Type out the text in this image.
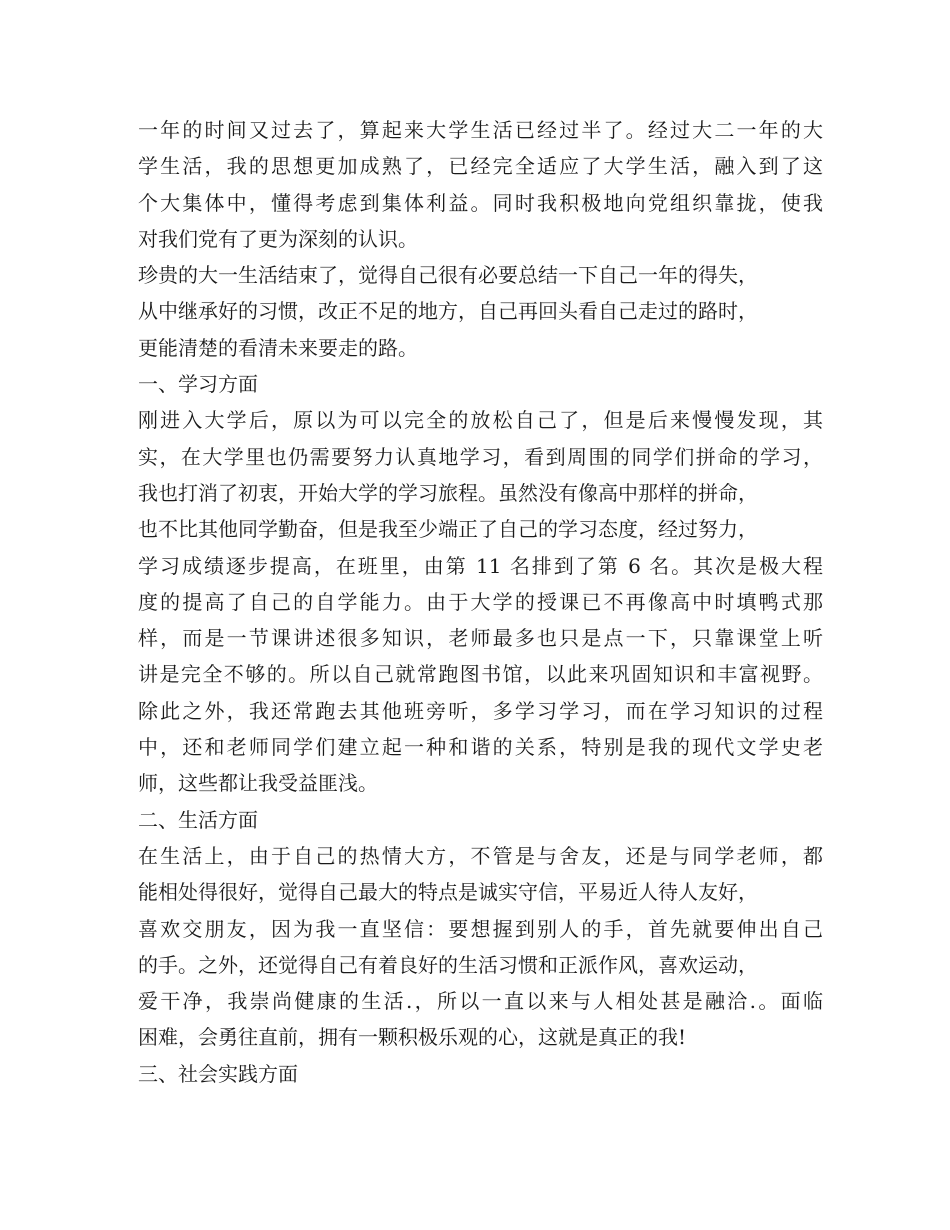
一年的时间又过去了，算起来大学生活已经过半了。经过大二一年的大
学生活，我的思想更加成熟了，已经完全适应了大学生活，融入到了这
个大集体中，懂得考虑到集体利益。同时我积极地向党组织靠拢，使我
对我们党有了更为深刻的认识。
珍贵的大一生活结束了，觉得自己很有必要总结一下自己一年的得失，
从中继承好的习惯，改正不足的地方，自己再回头看自己走过的路时，
更能清楚的看清未来要走的路。
一、学习方面
刚进入大学后，原以为可以完全的放松自己了，但是后来慢慢发现，其
实，在大学里也仍需要努力认真地学习，看到周围的同学们拼命的学习，
我也打消了初衷，开始大学的学习旅程。虽然没有像高中那样的拼命，
也不比其他同学勤奋，但是我至少端正了自己的学习态度，经过努力，
学习成绩逐步提高，在班里，由第 11 名排到了第 6 名。其次是极大程
度的提高了自己的自学能力。由于大学的授课已不再像高中时填鸭式那
样，而是一节课讲述很多知识，老师最多也只是点一下，只靠课堂上听
讲是完全不够的。所以自己就常跑图书馆，以此来巩固知识和丰富视野。
除此之外，我还常跑去其他班旁听，多学习学习，而在学习知识的过程
中，还和老师同学们建立起一种和谐的关系，特别是我的现代文学史老
师，这些都让我受益匪浅。
二、生活方面
在生活上，由于自己的热情大方，不管是与舍友，还是与同学老师，都
能相处得很好，觉得自己最大的特点是诚实守信，平易近人待人友好，
喜欢交朋友，因为我一直坚信：要想握到别人的手，首先就要伸出自己
的手。之外，还觉得自己有着良好的生活习惯和正派作风，喜欢运动，
爱干净，我崇尚健康的生活.，所以一直以来与人相处甚是融洽.。面临
困难，会勇往直前，拥有一颗积极乐观的心，这就是真正的我!
三、社会实践方面
